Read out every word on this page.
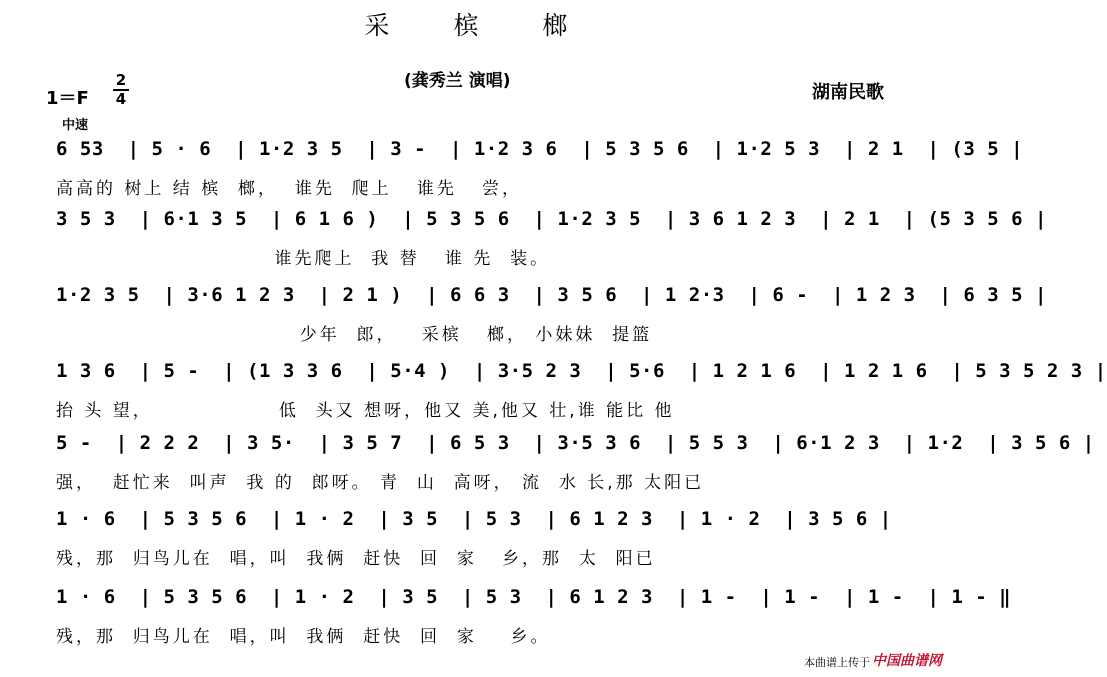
采 槟 榔
(龚秀兰 演唱)
湖南民歌
1＝F
2
4
中速
6 53  | 5 · 6  | 1·2 3 5  | 3 -  | 1·2 3 6  | 5 3 5 6  | 1·2 5 3  | 2 1  | (3 5 |
高高的 树上 结 槟  榔，  谁先  爬上   谁先   尝，
3 5 3  | 6·1 3 5  | 6 1 6 )  | 5 3 5 6  | 1·2 3 5  | 3 6 1 2 3  | 2 1  | (5 3 5 6 |
谁先爬上  我 替   谁 先  装。
1·2 3 5  | 3·6 1 2 3  | 2 1 )  | 6 6 3  | 3 5 6  | 1 2·3  | 6 -  | 1 2 3  | 6 3 5 |
少年  郎，   采槟   榔， 小妹妹  提篮
1 3 6  | 5 -  | (1 3 3 6  | 5·4 )  | 3·5 2 3  | 5·6  | 1 2 1 6  | 1 2 1 6  | 5 3 5 2 3 |
抬 头 望，               低  头又 想呀，他又 美,他又 壮,谁 能比 他
5 -  | 2 2 2  | 3 5·  | 3 5 7  | 6 5 3  | 3·5 3 6  | 5 5 3  | 6·1 2 3  | 1·2  | 3 5 6 |
强，  赶忙来  叫声  我 的  郎呀。 青  山  高呀， 流  水 长,那 太阳已
1 · 6  | 5 3 5 6  | 1 · 2  | 3 5  | 5 3  | 6 1 2 3  | 1 · 2  | 3 5 6 |
残，那  归鸟儿在  唱，叫  我俩  赶快  回  家   乡，那  太  阳已
1 · 6  | 5 3 5 6  | 1 · 2  | 3 5  | 5 3  | 6 1 2 3  | 1 -  | 1 -  | 1 -  | 1 - ‖
残，那  归鸟儿在  唱，叫  我俩  赶快  回  家    乡。
本曲谱上传于 中国曲谱网
